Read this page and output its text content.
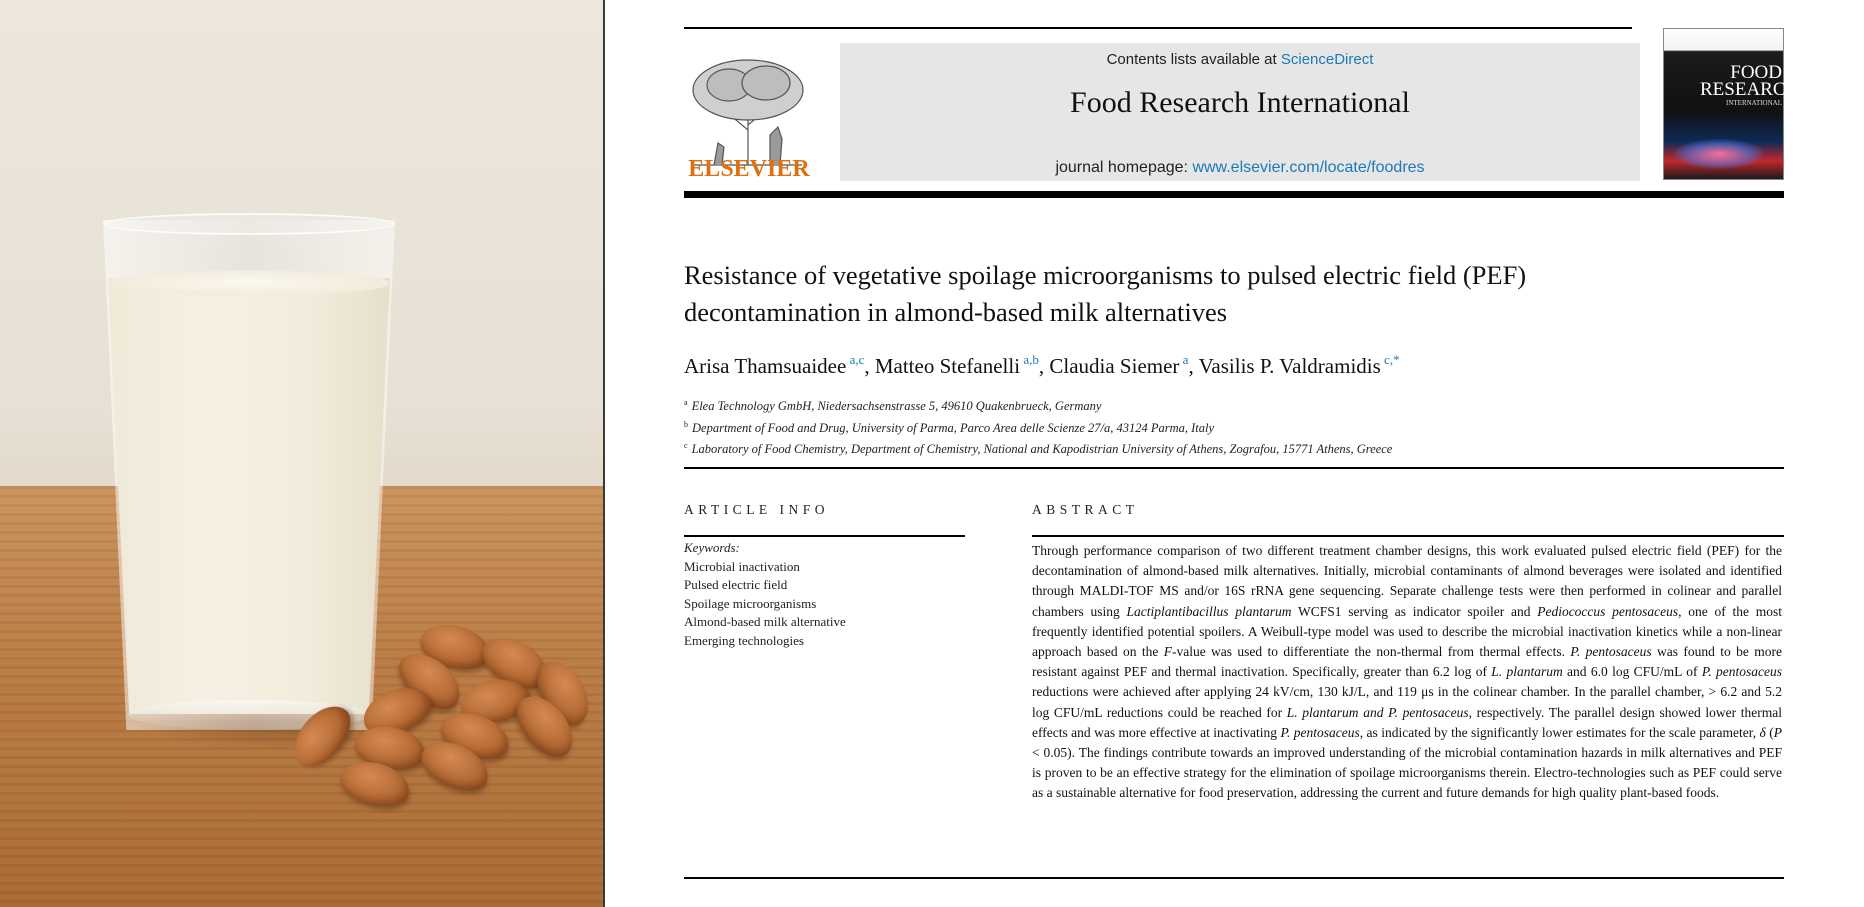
ELSEVIER
Contents lists available at ScienceDirect
Food Research International
journal homepage: www.elsevier.com/locate/foodres
FOOD RESEARCH
INTERNATIONAL
Resistance of vegetative spoilage microorganisms to pulsed electric field (PEF) decontamination in almond-based milk alternatives
Arisa Thamsuaidee $^{a,c}$, Matteo Stefanelli $^{a,b}$, Claudia Siemer $^a$, Vasilis P. Valdramidis $^{c,*}$
$^a$ Elea Technology GmbH, Niedersachsenstrasse 5, 49610 Quakenbrueck, Germany
$^b$ Department of Food and Drug, University of Parma, Parco Area delle Scienze 27/a, 43124 Parma, Italy
$^c$ Laboratory of Food Chemistry, Department of Chemistry, National and Kapodistrian University of Athens, Zografou, 15771 Athens, Greece
ARTICLE INFO
Keywords:
Microbial inactivation
Pulsed electric field
Spoilage microorganisms
Almond-based milk alternative
Emerging technologies
ABSTRACT
Through performance comparison of two different treatment chamber designs, this work evaluated pulsed electric field (PEF) for the decontamination of almond-based milk alternatives. Initially, microbial contaminants of almond beverages were isolated and identified through MALDI-TOF MS and/or 16S rRNA gene sequencing. Separate challenge tests were then performed in colinear and parallel chambers using Lactiplantibacillus plantarum WCFS1 serving as indicator spoiler and Pediococcus pentosaceus, one of the most frequently identified potential spoilers. A Weibull-type model was used to describe the microbial inactivation kinetics while a non-linear approach based on the F-value was used to differentiate the non-thermal from thermal effects. P. pentosaceus was found to be more resistant against PEF and thermal inactivation. Specifically, greater than 6.2 log of L. plantarum and 6.0 log CFU/mL of P. pentosaceus reductions were achieved after applying 24 kV/cm, 130 kJ/L, and 119 μs in the colinear chamber. In the parallel chamber, > 6.2 and 5.2 log CFU/mL reductions could be reached for L. plantarum and P. pentosaceus, respectively. The parallel design showed lower thermal effects and was more effective at inactivating P. pentosaceus, as indicated by the significantly lower estimates for the scale parameter, δ (P < 0.05). The findings contribute towards an improved understanding of the microbial contamination hazards in milk alternatives and PEF is proven to be an effective strategy for the elimination of spoilage microorganisms therein. Electro-technologies such as PEF could serve as a sustainable alternative for food preservation, addressing the current and future demands for high quality plant-based foods.
